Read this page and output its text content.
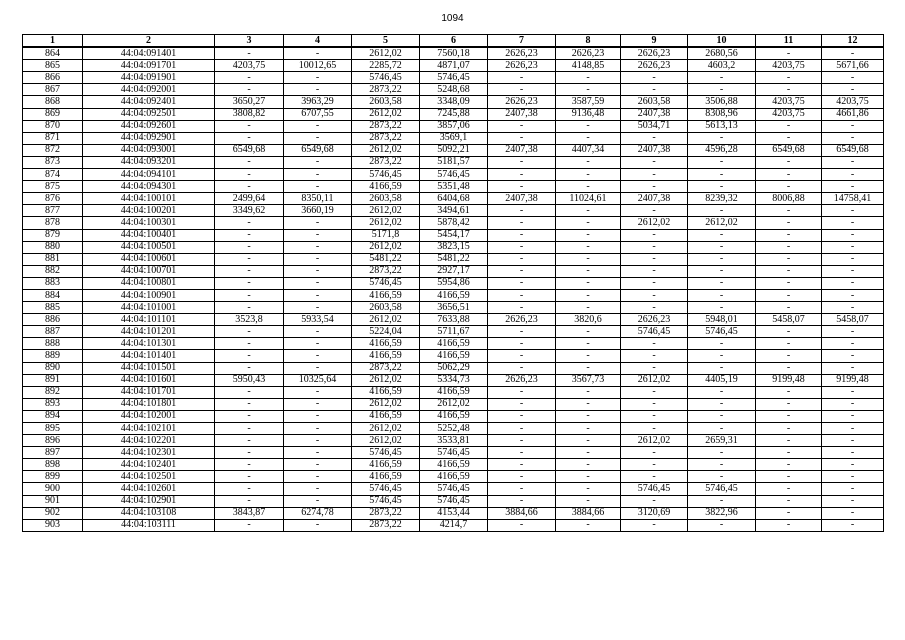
1094
1	2	3	4	5	6	7	8	9	10	11	12
864	44:04:091401	-	-	2612,02	7560,18	2626,23	2626,23	2626,23	2680,56	-	-
865	44:04:091701	4203,75	10012,65	2285,72	4871,07	2626,23	4148,85	2626,23	4603,2	4203,75	5671,66
866	44:04:091901	-	-	5746,45	5746,45	-	-	-	-	-	-
867	44:04:092001	-	-	2873,22	5248,68	-	-	-	-	-	-
868	44:04:092401	3650,27	3963,29	2603,58	3348,09	2626,23	3587,59	2603,58	3506,88	4203,75	4203,75
869	44:04:092501	3808,82	6707,55	2612,02	7245,88	2407,38	9136,48	2407,38	8308,96	4203,75	4661,86
870	44:04:092601	-	-	2873,22	3857,06	-	-	5034,71	5613,13	-	-
871	44:04:092901	-	-	2873,22	3569,1	-	-	-	-	-	-
872	44:04:093001	6549,68	6549,68	2612,02	5092,21	2407,38	4407,34	2407,38	4596,28	6549,68	6549,68
873	44:04:093201	-	-	2873,22	5181,57	-	-	-	-	-	-
874	44:04:094101	-	-	5746,45	5746,45	-	-	-	-	-	-
875	44:04:094301	-	-	4166,59	5351,48	-	-	-	-	-	-
876	44:04:100101	2499,64	8350,11	2603,58	6404,68	2407,38	11024,61	2407,38	8239,32	8006,88	14758,41
877	44:04:100201	3349,62	3660,19	2612,02	3494,61	-	-	-	-	-	-
878	44:04:100301	-	-	2612,02	5878,42	-	-	2612,02	2612,02	-	-
879	44:04:100401	-	-	5171,8	5454,17	-	-	-	-	-	-
880	44:04:100501	-	-	2612,02	3823,15	-	-	-	-	-	-
881	44:04:100601	-	-	5481,22	5481,22	-	-	-	-	-	-
882	44:04:100701	-	-	2873,22	2927,17	-	-	-	-	-	-
883	44:04:100801	-	-	5746,45	5954,86	-	-	-	-	-	-
884	44:04:100901	-	-	4166,59	4166,59	-	-	-	-	-	-
885	44:04:101001	-	-	2603,58	3656,51	-	-	-	-	-	-
886	44:04:101101	3523,8	5933,54	2612,02	7633,88	2626,23	3820,6	2626,23	5948,01	5458,07	5458,07
887	44:04:101201	-	-	5224,04	5711,67	-	-	5746,45	5746,45	-	-
888	44:04:101301	-	-	4166,59	4166,59	-	-	-	-	-	-
889	44:04:101401	-	-	4166,59	4166,59	-	-	-	-	-	-
890	44:04:101501	-	-	2873,22	5062,29	-	-	-	-	-	-
891	44:04:101601	5950,43	10325,64	2612,02	5334,73	2626,23	3567,73	2612,02	4405,19	9199,48	9199,48
892	44:04:101701	-	-	4166,59	4166,59	-	-	-	-	-	-
893	44:04:101801	-	-	2612,02	2612,02	-	-	-	-	-	-
894	44:04:102001	-	-	4166,59	4166,59	-	-	-	-	-	-
895	44:04:102101	-	-	2612,02	5252,48	-	-	-	-	-	-
896	44:04:102201	-	-	2612,02	3533,81	-	-	2612,02	2659,31	-	-
897	44:04:102301	-	-	5746,45	5746,45	-	-	-	-	-	-
898	44:04:102401	-	-	4166,59	4166,59	-	-	-	-	-	-
899	44:04:102501	-	-	4166,59	4166,59	-	-	-	-	-	-
900	44:04:102601	-	-	5746,45	5746,45	-	-	5746,45	5746,45	-	-
901	44:04:102901	-	-	5746,45	5746,45	-	-	-	-	-	-
902	44:04:103108	3843,87	6274,78	2873,22	4153,44	3884,66	3884,66	3120,69	3822,96	-	-
903	44:04:103111	-	-	2873,22	4214,7	-	-	-	-	-	-
